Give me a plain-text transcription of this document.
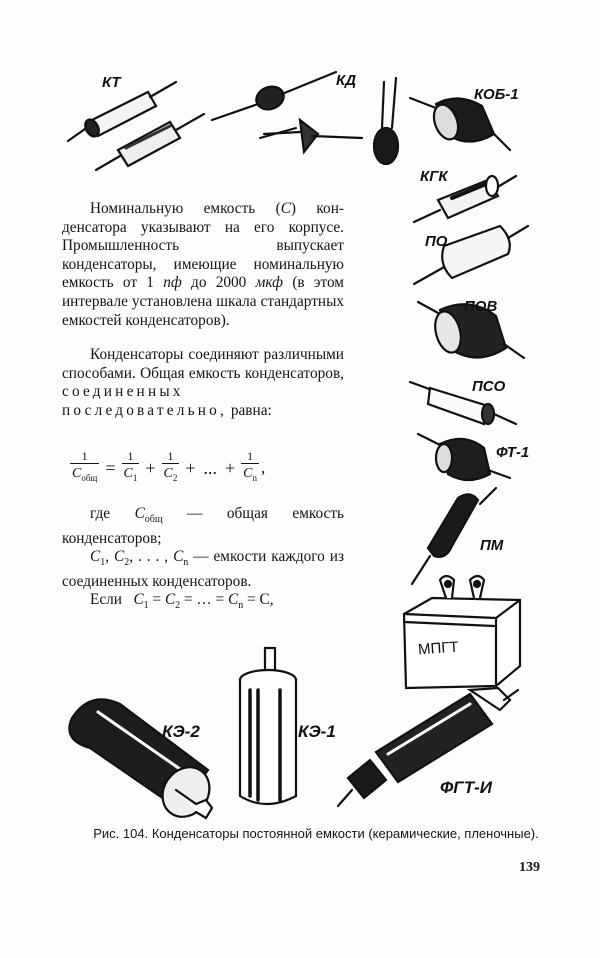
КТ	КД
КОБ-1
КГК
ПО
ПОВ
ПСО
ФТ-1
ПМ
МПГТ
КЭ-2	КЭ-1
ФГТ-И

Номинальную емкость (C) кон- денсатора указывают на его корпусе. Промышленность выпускает конденсаторы, имеющие номинальную емкость от 1 пф до 2000 мкф (в этом интервале установлена шкала стандартных емкостей конденсаторов).

Конденсаторы соединяют различными способами. Общая емкость конденсаторов, соединенных последовательно, равна:

$\frac{1}{C_{общ}} = \frac{1}{C_1} + \frac{1}{C_2}$ + ... + $\frac{1}{C_n}$ ,

где $C_{общ}$ — общая емкость конденсаторов;

$C_1$, $C_2$, . . . , $C_n$ — емкости каждого из соединенных конденсаторов.

Если $C_1 = C_2$ = … = $C_n = C$,

Рис. 104. Конденсаторы постоянной емкости (керамические, пленочные).
139
